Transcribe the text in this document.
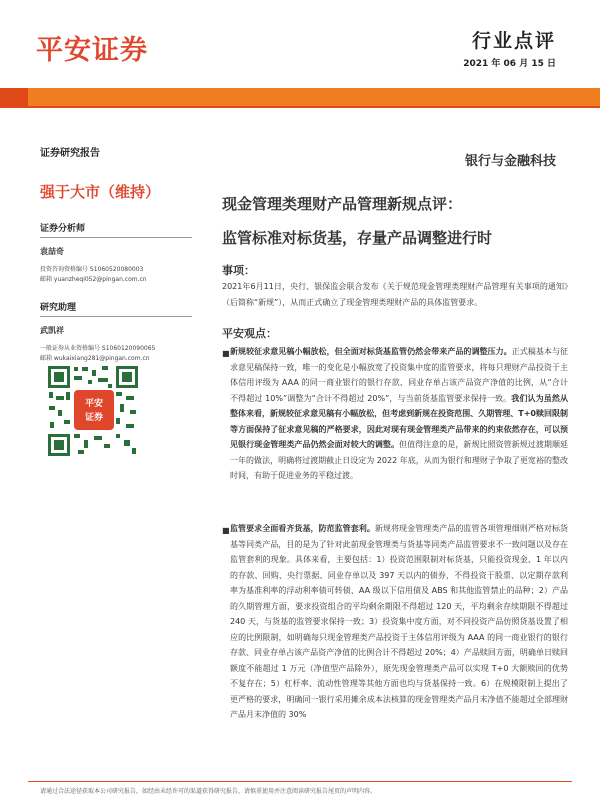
平安证券	行业点评
2021 年 06 月 15 日
证券研究报告
强于大市（维持）
证券分析师
袁喆奇
投资咨询资格编号 S1060520080003
邮箱 yuanzheqi052@pingan.com.cn
研究助理
武凯祥
一般证券从业资格编号 S1060120090065
邮箱 wukaixiang281@pingan.com.cn
平安
证券
银行与金融科技
现金管理类理财产品管理新规点评：
监管标准对标货基，存量产品调整进行时
事项：
2021年6月11日，央行、银保监会联合发布《关于规范现金管理类理财产品管理有关事项的通知》（后简称“新规”），从而正式确立了现金管理类理财产品的具体监管要求。
平安观点：
■ 新规较征求意见稿小幅放松，但全面对标货基监管仍然会带来产品的调整压力。正式稿基本与征求意见稿保持一致，唯一的变化是小幅放宽了投资集中度的监管要求，将每只理财产品投资于主体信用评级为 AAA 的同一商业银行的银行存款、同业存单占该产品资产净值的比例，从“合计不得超过 10%”调整为“合计不得超过 20%”，与当前货基监管要求保持一致。我们认为虽然从整体来看，新规较征求意见稿有小幅放松，但考虑到新规在投资范围、久期管理、T+0赎回限制等方面保持了征求意见稿的严格要求，因此对现有现金管理类产品带来的约束依然存在，可以预见银行现金管理类产品仍然会面对较大的调整。但值得注意的是，新规比照资管新规过渡期顺延一年的做法，明确将过渡期截止日设定为 2022 年底，从而为银行和理财子争取了更宽裕的整改时间，有助于促进业务的平稳过渡。
■ 监管要求全面看齐货基，防范监管套利。新规将现金管理类产品的监管各项管理细则严格对标货基等同类产品，目的是为了针对此前现金管理类与货基等同类产品监管要求不一致问题以及存在监管套利的现象。具体来看，主要包括：1）投资范围限制对标货基，只能投资现金、1 年以内的存款、回购、央行票据、同业存单以及 397 天以内的债券，不得投资于股票、以定期存款利率为基准利率的浮动利率债可转债、AA 级以下信用债及 ABS 和其他监管禁止的品种；2）产品的久期管理方面，要求投资组合的平均剩余期限不得超过 120 天，平均剩余存续期限不得超过 240 天，与货基的监管要求保持一致；3）投资集中度方面，对不同投资产品仿照货基设置了相应的比例限制，如明确每只现金管理类产品投资于主体信用评级为 AAA 的同一商业银行的银行存款、同业存单占该产品资产净值的比例合计不得超过 20%；4）产品赎回方面，明确单日赎回额度不能超过 1 万元（净值型产品除外），原先现金管理类产品可以实现 T+0 大额赎回的优势不复存在；5）杠杆率、流动性管理等其他方面也均与货基保持一致。6）在规模限制上提出了更严格的要求，明确同一银行采用摊余成本法核算的现金管理类产品月末净值不能超过全部理财产品月末净值的 30%
请通过合法途径获取本公司研究报告，如经由未经许可的渠道获得研究报告，请慎重使用并注意阅读研究报告尾页的声明内容。
